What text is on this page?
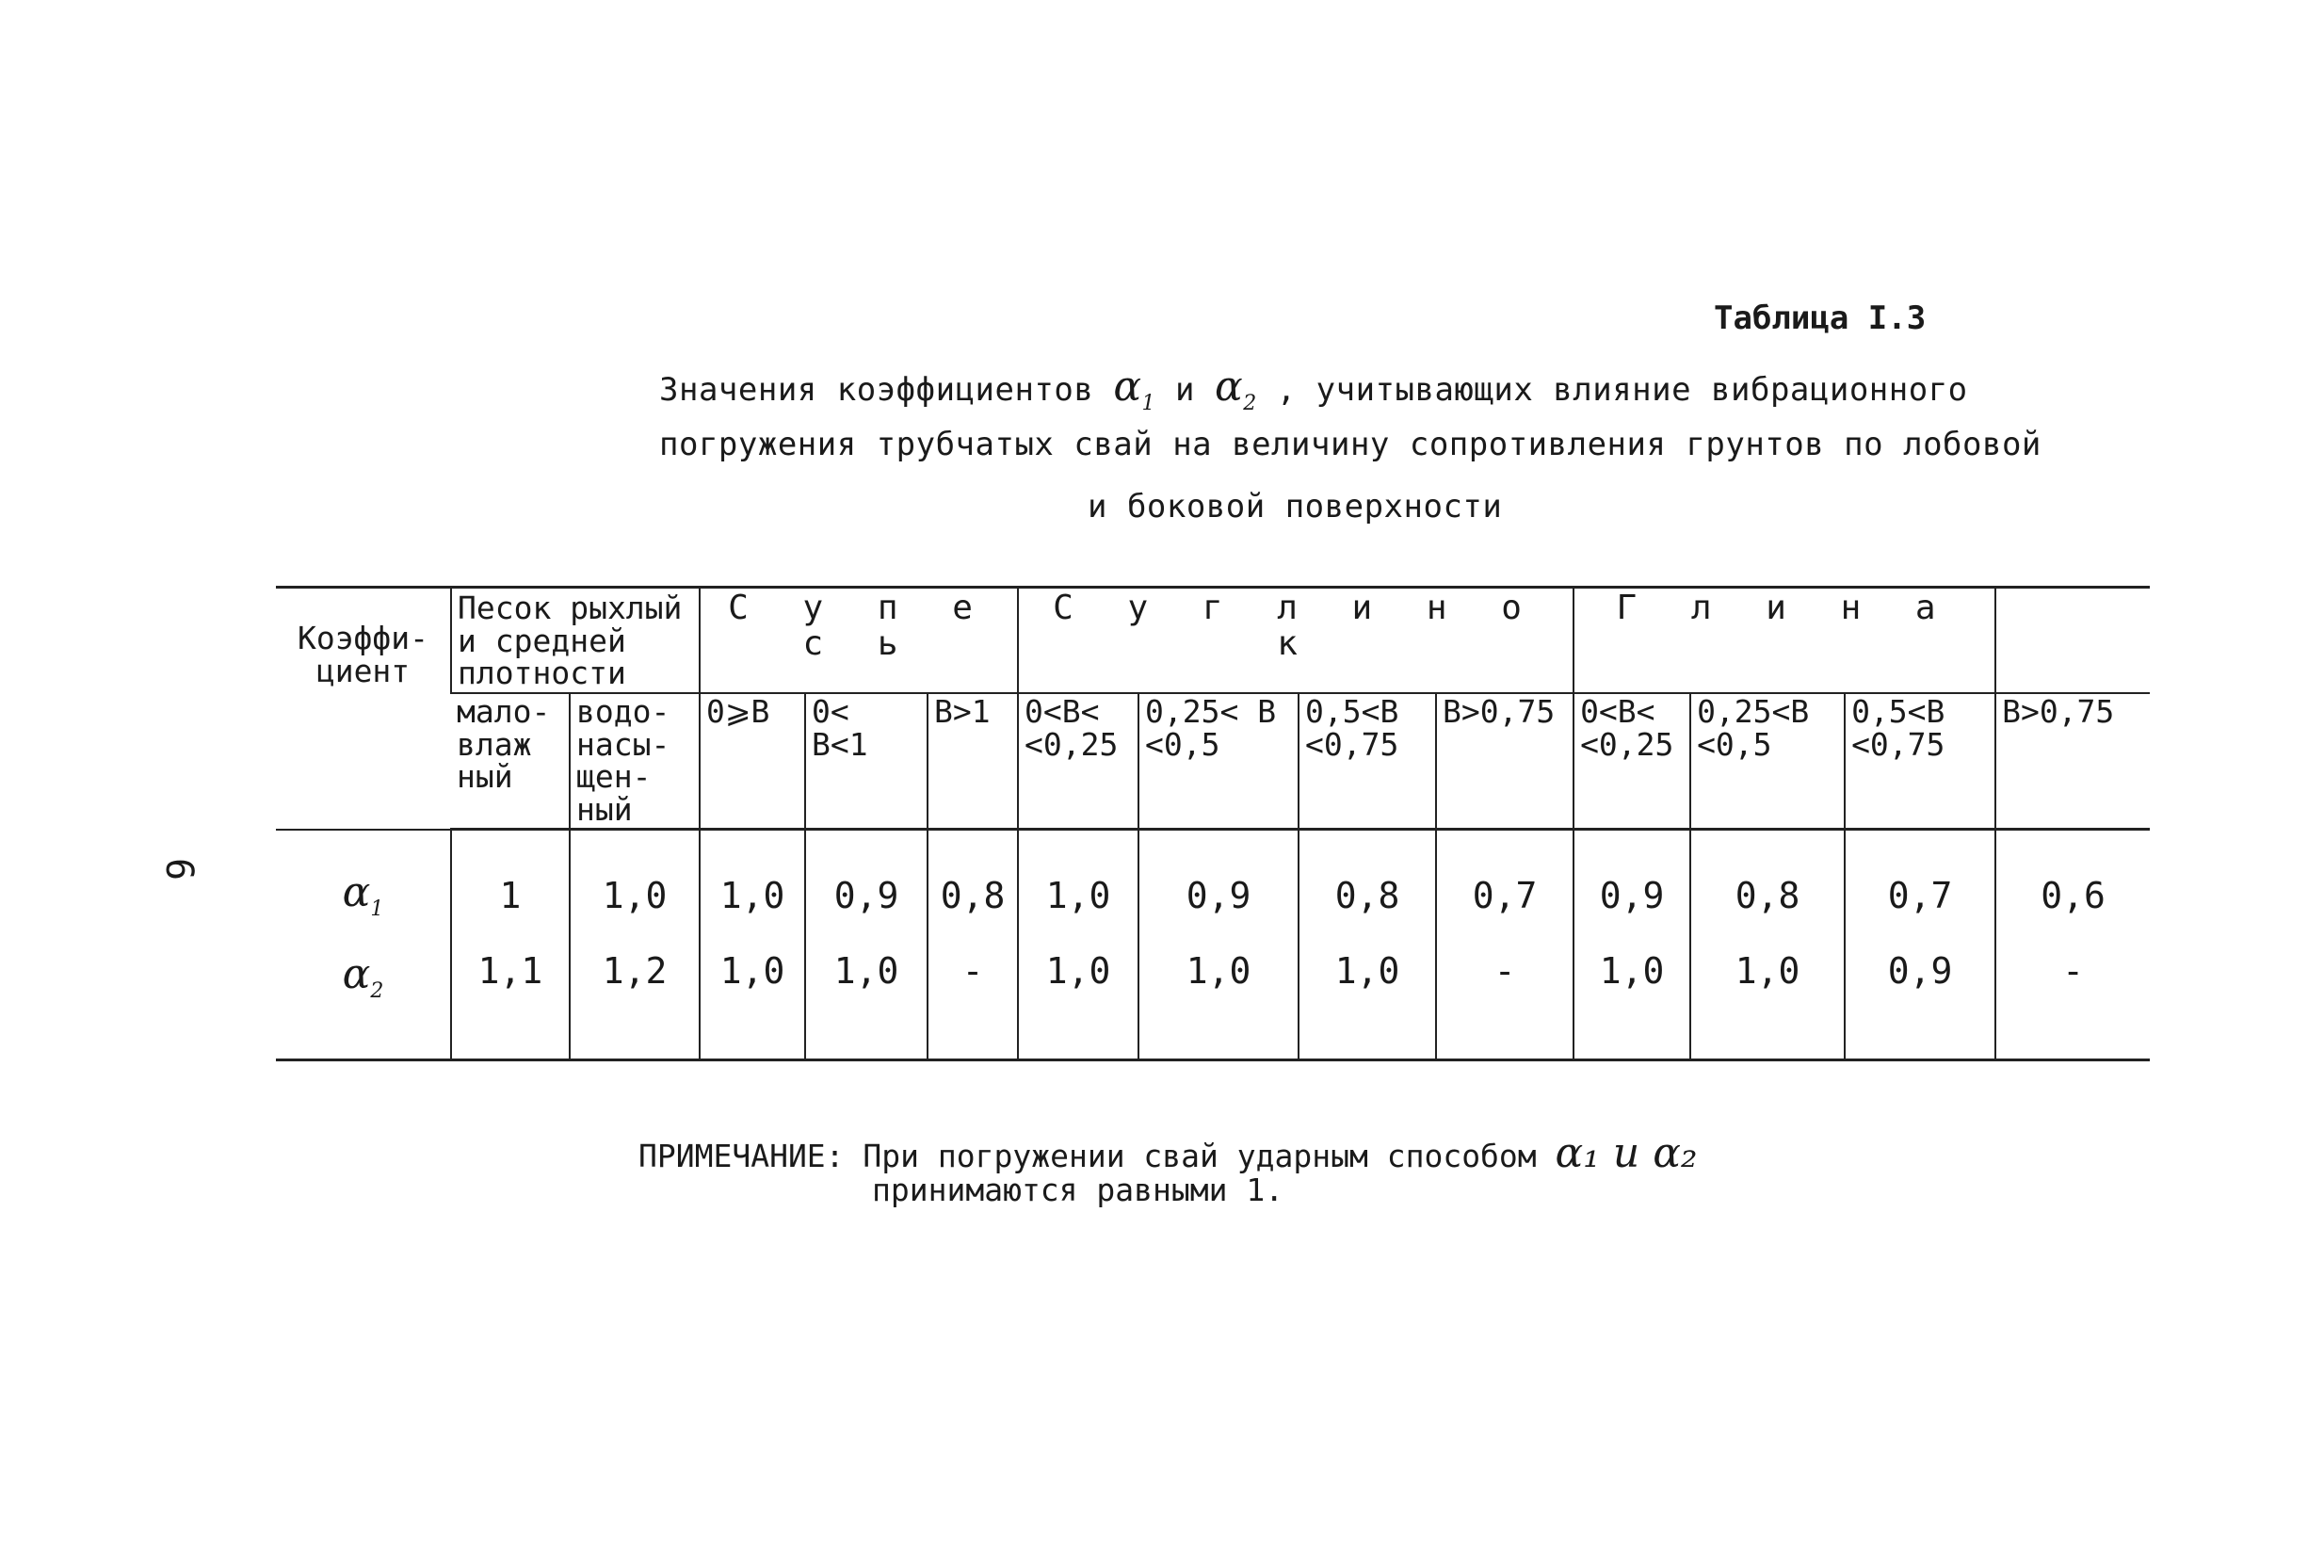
6
Таблица I.3
Значения коэффициентов $\alpha_1$ и $\alpha_2$ , учитывающих влияние вибрационного
погружения трубчатых свай на величину сопротивления грунтов по лобовой
и боковой поверхности
Коэффи-циент	Песок рыхлый и средней плотности		С у п е с ь			С у г л и н о к				Г л и н а			
	мало-влаж ный	водо-насы-щен-ный	0⩾B	0< B<1	B>1	0<B< <0,25	0,25< B <0,5	0,5<B <0,75	B>0,75	0<B< <0,25	0,25<B <0,5	0,5<B <0,75	B>0,75
$\alpha_1$	1	1,0	1,0	0,9	0,8	1,0	0,9	0,8	0,7	0,9	0,8	0,7	0,6
$\alpha_2$	1,1	1,2	1,0	1,0	-	1,0	1,0	1,0	-	1,0	1,0	0,9	-
ПРИМЕЧАНИЕ: При погружении свай ударным способом α₁ и α₂
принимаются равными 1.
